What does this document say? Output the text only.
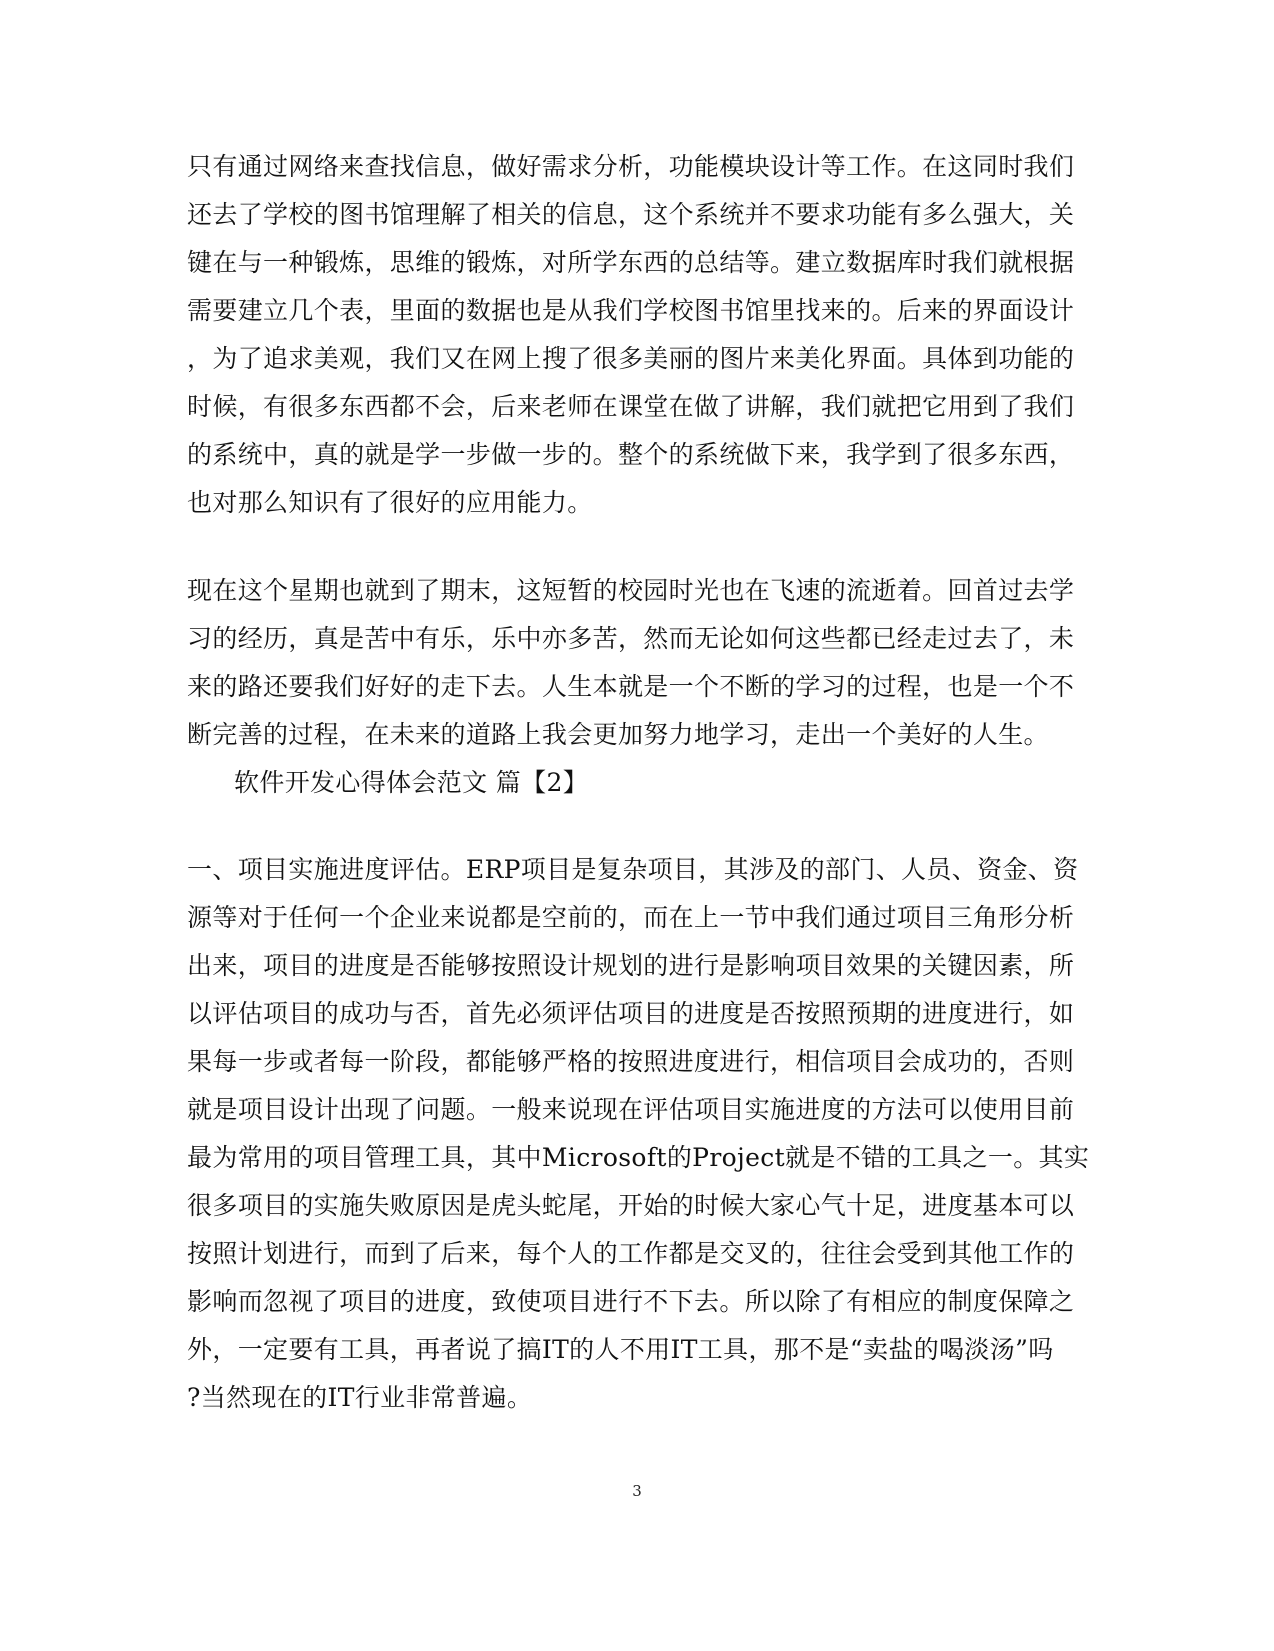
只有通过网络来查找信息，做好需求分析，功能模块设计等工作。在这同时我们
还去了学校的图书馆理解了相关的信息，这个系统并不要求功能有多么强大，关
键在与一种锻炼，思维的锻炼，对所学东西的总结等。建立数据库时我们就根据
需要建立几个表，里面的数据也是从我们学校图书馆里找来的。后来的界面设计
，为了追求美观，我们又在网上搜了很多美丽的图片来美化界面。具体到功能的
时候，有很多东西都不会，后来老师在课堂在做了讲解，我们就把它用到了我们
的系统中，真的就是学一步做一步的。整个的系统做下来，我学到了很多东西，
也对那么知识有了很好的应用能力。
现在这个星期也就到了期末，这短暂的校园时光也在飞速的流逝着。回首过去学
习的经历，真是苦中有乐，乐中亦多苦，然而无论如何这些都已经走过去了，未
来的路还要我们好好的走下去。人生本就是一个不断的学习的过程，也是一个不
断完善的过程，在未来的道路上我会更加努力地学习，走出一个美好的人生。
软件开发心得体会范文 篇【2】
一、项目实施进度评估。ERP项目是复杂项目，其涉及的部门、人员、资金、资
源等对于任何一个企业来说都是空前的，而在上一节中我们通过项目三角形分析
出来，项目的进度是否能够按照设计规划的进行是影响项目效果的关键因素，所
以评估项目的成功与否，首先必须评估项目的进度是否按照预期的进度进行，如
果每一步或者每一阶段，都能够严格的按照进度进行，相信项目会成功的，否则
就是项目设计出现了问题。一般来说现在评估项目实施进度的方法可以使用目前
最为常用的项目管理工具，其中Microsoft的Project就是不错的工具之一。其实
很多项目的实施失败原因是虎头蛇尾，开始的时候大家心气十足，进度基本可以
按照计划进行，而到了后来，每个人的工作都是交叉的，往往会受到其他工作的
影响而忽视了项目的进度，致使项目进行不下去。所以除了有相应的制度保障之
外，一定要有工具，再者说了搞IT的人不用IT工具，那不是“卖盐的喝淡汤”吗
?当然现在的IT行业非常普遍。
3
